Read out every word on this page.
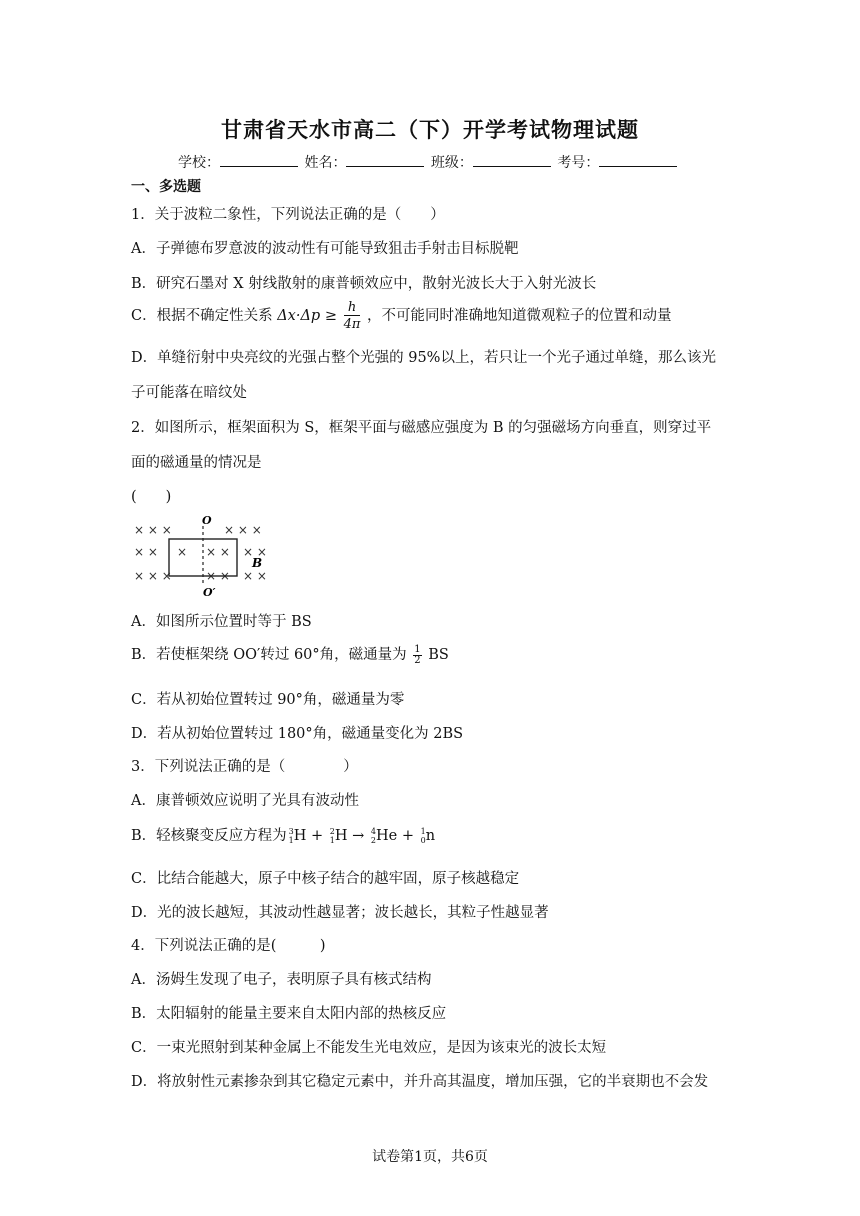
甘肃省天水市高二（下）开学考试物理试题
学校：	姓名：	班级：	考号：
一、多选题
1．关于波粒二象性，下列说法正确的是（　　）
A．子弹德布罗意波的波动性有可能导致狙击手射击目标脱靶
B．研究石墨对 X 射线散射的康普顿效应中，散射光波长大于入射光波长
C．根据不确定性关系 $\Delta x\cdot\Delta p \ge \frac{h}{4\pi}$ ，不可能同时准确地知道微观粒子的位置和动量
D．单缝衍射中央亮纹的光强占整个光强的 95%以上，若只让一个光子通过单缝，那么该光
子可能落在暗纹处
2．如图所示，框架面积为 S，框架平面与磁感应强度为 B 的匀强磁场方向垂直，则穿过平
面的磁通量的情况是
(　　)
× × ×	× × ×
× × × × × × ×
× × ×	× × × ×
O
O′
B
A．如图所示位置时等于 BS
B．若使框架绕 OO′转过 60°角，磁通量为 $\frac{1}{2}$ BS
C．若从初始位置转过 90°角，磁通量为零
D．若从初始位置转过 180°角，磁通量变化为 2BS
3．下列说法正确的是（　　　　）
A．康普顿效应说明了光具有波动性
B．轻核聚变反应方程为 3
1 H + 2
1 H → 4
2 He + 1
0 n
C．比结合能越大，原子中核子结合的越牢固，原子核越稳定
D．光的波长越短，其波动性越显著；波长越长，其粒子性越显著
4．下列说法正确的是(　　　)
A．汤姆生发现了电子，表明原子具有核式结构
B．太阳辐射的能量主要来自太阳内部的热核反应
C．一束光照射到某种金属上不能发生光电效应，是因为该束光的波长太短
D．将放射性元素掺杂到其它稳定元素中，并升高其温度，增加压强，它的半衰期也不会发
试卷第1页，共6页
